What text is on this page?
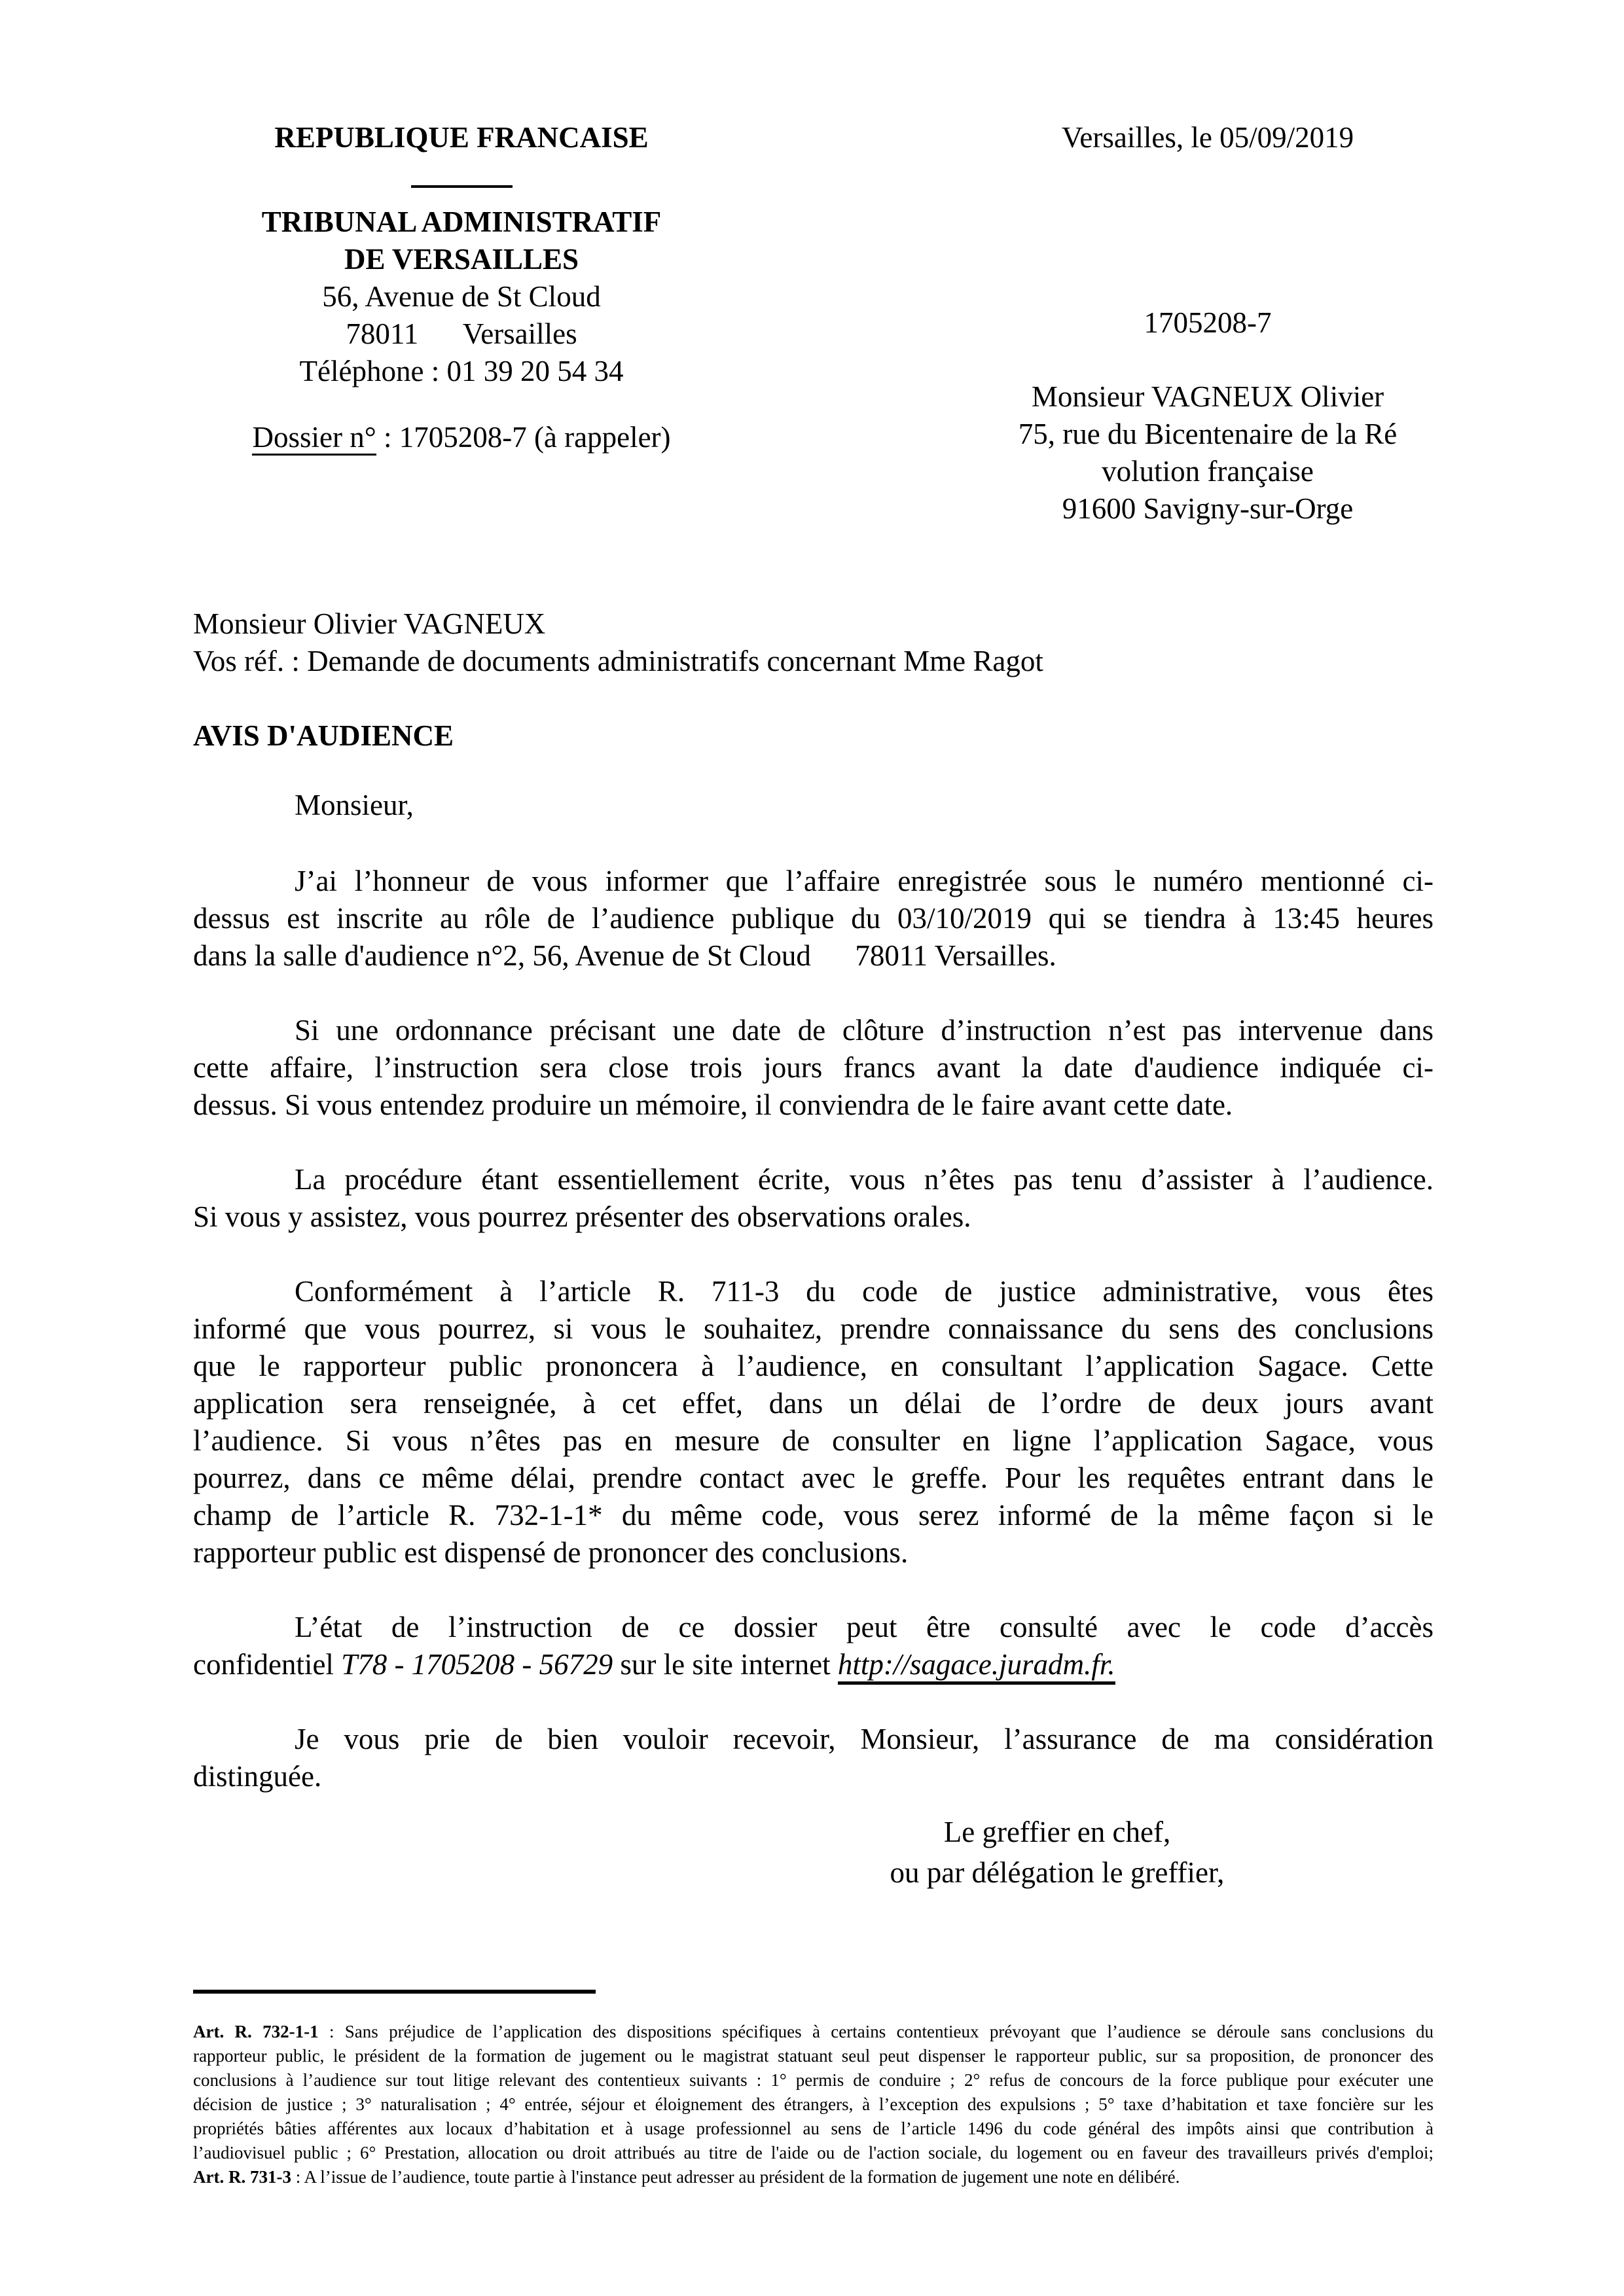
REPUBLIQUE FRANCAISE
TRIBUNAL ADMINISTRATIF
DE VERSAILLES
56, Avenue de St Cloud
78011      Versailles
Téléphone : 01 39 20 54 34
Dossier n° : 1705208-7 (à rappeler)
Versailles, le 05/09/2019
1705208-7
Monsieur VAGNEUX Olivier
75, rue du Bicentenaire de la Ré
volution française
91600 Savigny-sur-Orge
Monsieur Olivier VAGNEUX
Vos réf. : Demande de documents administratifs concernant Mme Ragot
AVIS D'AUDIENCE
Monsieur,
J’ai l’honneur de vous informer que l’affaire enregistrée sous le numéro mentionné ci-
dessus est inscrite au rôle de l’audience publique du 03/10/2019 qui se tiendra à 13:45 heures
dans la salle d'audience n°2, 56, Avenue de St Cloud      78011 Versailles.
Si une ordonnance précisant une date de clôture d’instruction n’est pas intervenue dans
cette affaire, l’instruction sera close trois jours francs avant la date d'audience indiquée ci-
dessus. Si vous entendez produire un mémoire, il conviendra de le faire avant cette date.
La procédure étant essentiellement écrite, vous n’êtes pas tenu d’assister à l’audience.
Si vous y assistez, vous pourrez présenter des observations orales.
Conformément à l’article R. 711-3 du code de justice administrative, vous êtes
informé que vous pourrez, si vous le souhaitez, prendre connaissance du sens des conclusions
que le rapporteur public prononcera à l’audience, en consultant l’application Sagace. Cette
application sera renseignée, à cet effet, dans un délai de l’ordre de deux jours avant
l’audience. Si vous n’êtes pas en mesure de consulter en ligne l’application Sagace, vous
pourrez, dans ce même délai, prendre contact avec le greffe. Pour les requêtes entrant dans le
champ de l’article R. 732-1-1* du même code, vous serez informé de la même façon si le
rapporteur public est dispensé de prononcer des conclusions.
L’état de l’instruction de ce dossier peut être consulté avec le code d’accès
confidentiel T78 - 1705208 - 56729 sur le site internet http://sagace.juradm.fr.
Je vous prie de bien vouloir recevoir, Monsieur, l’assurance de ma considération
distinguée.
Le greffier en chef,
ou par délégation le greffier,
Art. R. 732-1-1 : Sans préjudice de l’application des dispositions spécifiques à certains contentieux prévoyant que l’audience se déroule sans conclusions du
rapporteur public, le président de la formation de jugement ou le magistrat statuant seul peut dispenser le rapporteur public, sur sa proposition, de prononcer des
conclusions à l’audience sur tout litige relevant des contentieux suivants : 1° permis de conduire ; 2° refus de concours de la force publique pour exécuter une
décision de justice ; 3° naturalisation ; 4° entrée, séjour et éloignement des étrangers, à l’exception des expulsions ; 5° taxe d’habitation et taxe foncière sur les
propriétés bâties afférentes aux locaux d’habitation et à usage professionnel au sens de l’article 1496 du code général des impôts ainsi que contribution à
l’audiovisuel public ; 6° Prestation, allocation ou droit attribués au titre de l'aide ou de l'action sociale, du logement ou en faveur des travailleurs privés d'emploi;
Art. R. 731-3 : A l’issue de l’audience, toute partie à l'instance peut adresser au président de la formation de jugement une note en délibéré.
